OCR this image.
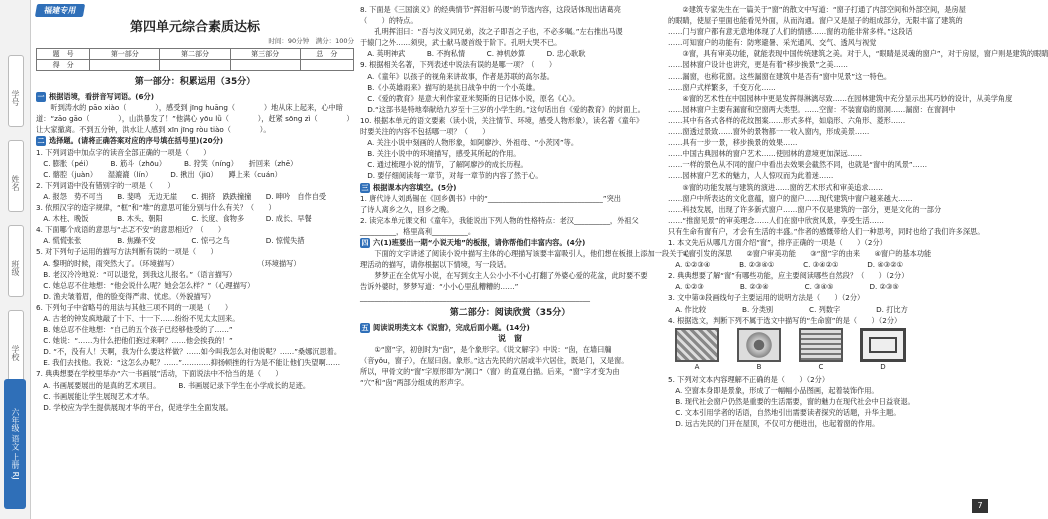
学号
姓名
班级
学校
六年级 语文 上册 RJ
福建专用
第四单元综合素质达标
时间：90分钟　满分：100分
题　号	第一部分	第二部分	第三部分	总　分
得　分				
第一部分：积累运用（35分）
一 根据语境，看拼音写词语。(6分)
　　听到涛水的 pāo xiào（　　　　），感受到 jīng huāng（　　　　）地从床上起来，心中暗
道：“zāo gāo（　　　　），山洪暴发了！”他满心 yōu lǜ（　　　　），赶紧 sōng zì（　　　　）
让大家撤离。不到五分钟，洪水让人感到 xīn jīng ròu tiào（　　　　）。
二 选择题。(请将正确答案对应的序号填在括号里)(20分)
1. 下列词语中加点字的读音全部正确的一项是（　　）
　C. 膨胀（péi）　　　B. 筋斗（zhōu）　　　B. 狩笑（níng）　　折回来（zhē）
　C. 髂腔（juàn）　　湿漉漉（lín）　　　D. 揪出（jiū）　　蹲上来（cuán）
2. 下列词语中没有错别字的一项是（　　）
　A. 报怨　势不可当　　B. 斐鸣　无边无崖　　C. 拥挤　跌跌撞撞　　D. 呻吟　自作自受
3. 依照汉字的造字规律，“框”和“堆”的意思可能分别与什么有关？（　　）
　A. 木柱、晚饭　　　　B. 木头、朝阳　　　　C. 长度、食物多　　　D. 成长、早餐
4. 下面哪个成语的意思与“忐忑不安”的意思相近？（　　）
　A. 慌慌张张　　　　　B. 焦躁不安　　　　　C. 惊弓之鸟　　　　　D. 惊慌失措
5. 对下列句子运用的描写方法判断有误的一项是（　　）
　A. 黎明的时候，雨突然大了。（环境描写）　　　　　　　　　　　　（环境描写）
　B. 老汉冷冷地说：“可以退党，到我这儿报名。”（语言描写）
　C. 她总忍不住地想：“他会说什么呢？她会怎么样？”（心理描写）
　D. 渔夫皱着眉，他的脸变得严肃、忧虑。（外貌描写）
6. 下列句子中省略号的用法与其他三项不同的一项是（　　）
　A. 古老的钟发疯地敲了十下、十一下……纷纷不见太太回来。
　B. 她总忍不住地想：“自己的五个孩子已经够他受的了……”
　C. 她说：“……为什么把他们抱过来啊？……他会挨我的！”
　D. “不，没有人！天啊，我为什么要这样做？……如今叫我怎么对他说呢？……”桑娜沉思着。
　E. 我们去找他。我说：“这怎么办呢？……”…………抑扬顿挫的行为是不能让他们失望啊……
7. 典典想要在学校里举办“六一书画展”活动，下面说法中不恰当的是（　　）
　A. 书画展要展出的是真的艺术项目。　　　B. 书画展记录下学生在小学成长的足迹。
　C. 书画展能让学生展现艺术才华。
　D. 学校应为学生提供展现才华的平台，促进学生全面发展。
8. 下面是《三国演义》的经典情节“挥泪斩马谡”的节选内容，这段话体现出诸葛亮
（　　）的特点。
　　孔明挥泪曰：“吾与汝义同兄弟，汝之子即吾之子也，不必多嘱。”左右推出马谡
于辕门之外……须臾，武士献马谡首级于阶下。孔明大哭不已。
　A. 英明神武　　　B. 不拘私情　　　C. 神机妙算　　　D. 忠心耿耿
9. 根据相关名著，下列表述中说法有误的是哪一项？（　　）
　A.《童年》以孩子的视角来讲故事，作者是苏联的高尔基。
　B.《小英雄雨来》描写的是抗日战争中的一个小英雄。
　C.《爱的教育》是意大利作家亚米契斯的日记体小说，原名《心》。
　D.“这部书是特地奉献给九岁至十三岁的小学生的。”这句话出自《爱的教育》的封面上。
10. 根据本单元的语文要素（读小说，关注情节、环境，感受人物形象），读名著《童年》
时要关注的内容不包括哪一项？（　　）
　A. 关注小说中刻画的人物形象，如阿廖沙、外祖母、“小茨冈”等。
　B. 关注小说中的环境描写，感受其所起的作用。
　C. 通过梳理小说的情节，了解阿廖沙的成长历程。
　D. 要仔细阅读每一章节，对每一章节的内容了然于心。
三 根据课本内容填空。(5分)
1. 唐代诗人刘禹锡在《回乡偶书》中的“________________________________”突出
了诗人离乡之久，回乡之晚。
2. 读完本单元课文和《童年》，我能说出下列人物的性格特点：老汉__________，外祖父
__________，格里高利__________。
四 六(1)班要出一期“小说天地”的板报，请你帮他们丰富内容。(4分)
　　下面的文字讲述了阅读小说中描写主体的心理描写该要丰富吸引人，他们想在板报上添加一段关于心
理活动的描写，请你根据以下情境，写一段话。
　　梦梦正在全优写小说，在写到女主人公小小不小心打翻了外婆心爱的花盆，此时要不要
告诉外婆时，梦梦写道：“小小心里乱糟糟的……”
________________________________________________________________
第二部分：阅读欣赏（35分）
五 阅读说明类文本《说窗》，完成后面小题。(14分)
说　窗
　　①“窗”字，初创时为“囱”，是个象形字。《说文解字》中说：“囱，在墙曰牖
（音yǒu，窗子），在屋曰囱。象形。”这古先民的穴居或半穴居住，既是门，又是窗。
所以，甲骨文的“窗”字原形即为“洞口”（窗）的直观白描。后来，“窗”字才变为由
“穴”和“囱”两部分组成的形声字。
　　②建筑专家先生在一篇关于“窗”的散文中写道：“窗子打通了内部空间和外部空间，是房屋
的眼睛，使屋子里面也能看见外面，从而沟通。窗户又是屋子的组成部分，无限丰富了建筑的
……门与窗户都有意无意地体现了人们的情感……窗的功能非常多样。”这段话
……可知窗户的功能有：防寒避暑、采光通风、交气、透风与视觉
　　③窗，具有审美功能，就能表现中国传统建筑之美。对于人，“眼睛是灵魂的窗户”，对于房屋，窗户则是建筑的眼睛
……园林窗户设计也讲究，更是有着“移步换景”之美……
……漏窗，也称花窗。这些漏窗在建筑中是否有“窗中见景”这一特色。
……窗户式样繁多，千变万化……
　　④窗的艺术性在中国园林中更是发挥得淋漓尽致……在园林建筑中充分显示出其巧妙的设计，从美学角度
……园林窗户主要有漏窗和空窗两大类型。……空窗：不装窗扇的窗洞……漏窗：在窗洞中
……其中有各式各样的花纹图案……形式多样，如扇形、六角形、菱形……
……窗透过景致……窗外的景物都一一收入窗内，形成美景……
……具有一步一景，移步换景的效果……
……中国古典园林的窗户艺术……使园林的意境更加深远……
……一样的景色从不同的窗户中看出去效果会截然不同，也就是“窗中的风景”……
……园林窗户艺术的魅力，人人惊叹而为此着迷……
　　⑤窗的功能发展与建筑的演进……窗的艺术形式和审美追求……
……窗户中所表达的文化意蕴，窗户的窗户……现代建筑中窗户越来越大……
……科技发展，出现了许多新式窗户……窗户不仅是建筑的一部分，更是文化的一部分
……“推窗见景”的审美理念……人们在窗中欣赏风景，享受生活……
只有生命有窗有户，才会有生活的丰盛。”作者的感慨带给人们一种思考，同时也给了我们许多深思。
1. 本文先后从哪几方面介绍“窗”，排序正确的一项是（　　）（2分）
　　①窗引发的深思　　②窗户审美功能　　③“窗”字的由来　　④窗户的基本功能
　A. ①②③④　　　　B. ②③④①　　　　C. ③④②①　　　　D. ④③②①
2. 典典想要了解“窗”有哪些功能，应主要阅读哪些自然段？（　　）（2分）
　A. ①②③　　　　　B. ②③④　　　　　C. ③④⑤　　　　　D. ②③⑤
3. 文中第③段画线句子主要运用的说明方法是（　　）（2分）
　A. 作比较　　　　　B. 分类别　　　　　C. 列数字　　　　　D. 打比方
4. 根据选文，判断下列不属于选文中描写的“生命窗”的是（　　）（2分）
A	B	C	D
5. 下列对文本内容理解不正确的是（　　）（2分）
　A. 空窗本身即是景象，形成了一幅幅小品图画，起着装饰作用。
　B. 现代社会窗户仍然是重要的生活需要，窗的魅力在现代社会中日益衰退。
　C. 文本引用学者的话语，自然地引出需要读者探究的话题，升华主题。
　D. 远古先民的门开在屋顶，不仅可方便进出，也起着窗的作用。
7
